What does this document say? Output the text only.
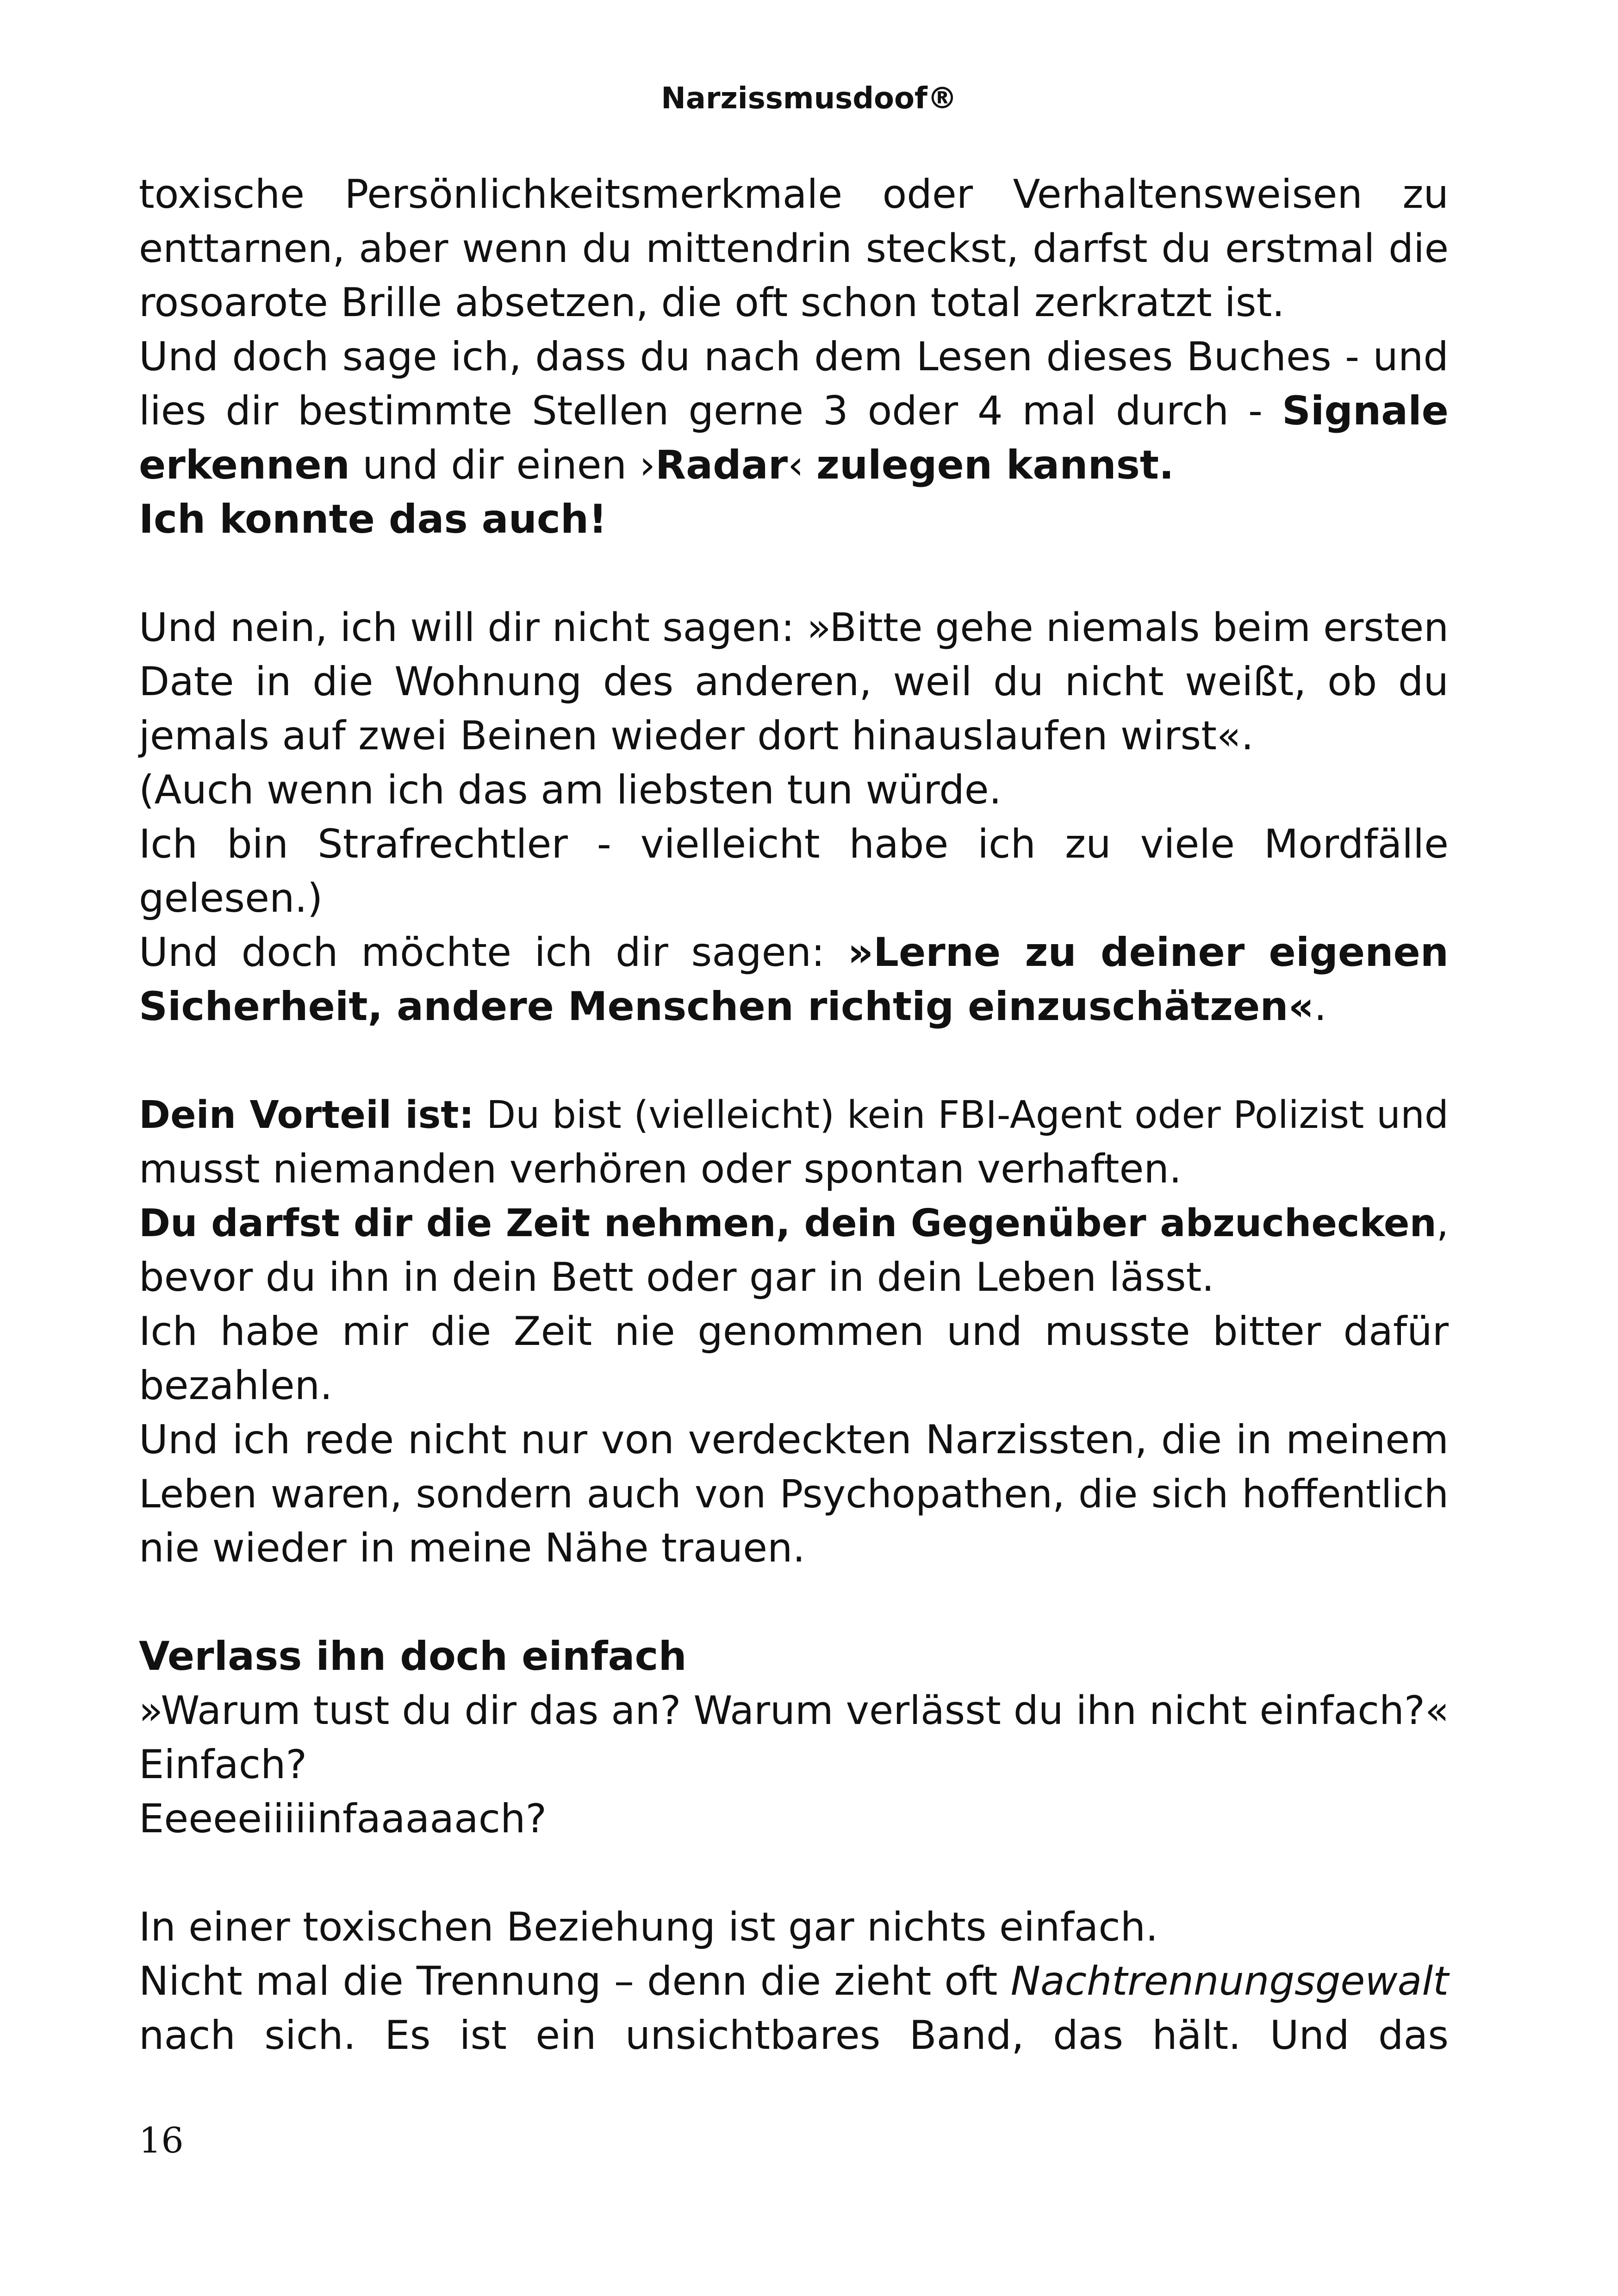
Narzissmusdoof®
toxische Persönlichkeitsmerkmale oder Verhaltensweisen zu
enttarnen, aber wenn du mittendrin steckst, darfst du erstmal die
rosoarote Brille absetzen, die oft schon total zerkratzt ist.
Und doch sage ich, dass du nach dem Lesen dieses Buches - und
lies dir bestimmte Stellen gerne 3 oder 4 mal durch - Signale
erkennen und dir einen ›Radar‹ zulegen kannst.
Ich konnte das auch!
Und nein, ich will dir nicht sagen: »Bitte gehe niemals beim ersten
Date in die Wohnung des anderen, weil du nicht weißt, ob du
jemals auf zwei Beinen wieder dort hinauslaufen wirst«.
(Auch wenn ich das am liebsten tun würde.
Ich bin Strafrechtler - vielleicht habe ich zu viele Mordfälle
gelesen.)
Und doch möchte ich dir sagen: »Lerne zu deiner eigenen
Sicherheit, andere Menschen richtig einzuschätzen«.
Dein Vorteil ist: Du bist (vielleicht) kein FBI-Agent oder Polizist und
musst niemanden verhören oder spontan verhaften.
Du darfst dir die Zeit nehmen, dein Gegenüber abzuchecken,
bevor du ihn in dein Bett oder gar in dein Leben lässt.
Ich habe mir die Zeit nie genommen und musste bitter dafür
bezahlen.
Und ich rede nicht nur von verdeckten Narzissten, die in meinem
Leben waren, sondern auch von Psychopathen, die sich hoffentlich
nie wieder in meine Nähe trauen.
Verlass ihn doch einfach
»Warum tust du dir das an? Warum verlässt du ihn nicht einfach?«
Einfach?
Eeeeeiiiiinfaaaaach?
In einer toxischen Beziehung ist gar nichts einfach.
Nicht mal die Trennung – denn die zieht oft Nachtrennungsgewalt
nach sich. Es ist ein unsichtbares Band, das hält. Und das
16
